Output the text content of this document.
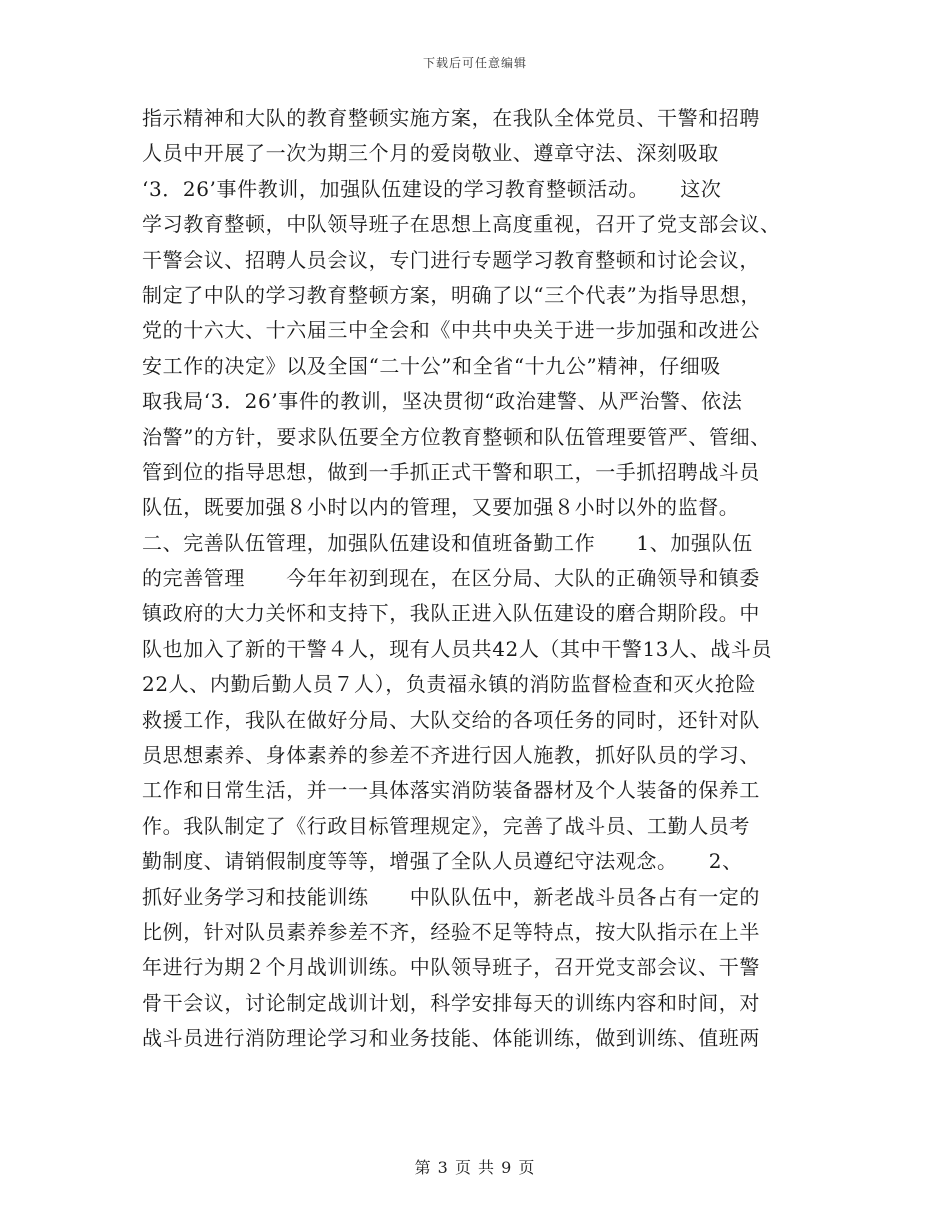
下载后可任意编辑
指示精神和大队的教育整顿实施方案，在我队全体党员、干警和招聘
人员中开展了一次为期三个月的爱岗敬业、遵章守法、深刻吸取
‘3．26’事件教训，加强队伍建设的学习教育整顿活动。　　这次
学习教育整顿，中队领导班子在思想上高度重视，召开了党支部会议、
干警会议、招聘人员会议，专门进行专题学习教育整顿和讨论会议，
制定了中队的学习教育整顿方案，明确了以“三个代表”为指导思想，
党的十六大、十六届三中全会和《中共中央关于进一步加强和改进公
安工作的决定》以及全国“二十公”和全省“十九公”精神，仔细吸
取我局‘3．26’事件的教训，坚决贯彻“政治建警、从严治警、依法
治警”的方针，要求队伍要全方位教育整顿和队伍管理要管严、管细、
管到位的指导思想，做到一手抓正式干警和职工，一手抓招聘战斗员
队伍，既要加强８小时以内的管理，又要加强８小时以外的监督。
二、完善队伍管理，加强队伍建设和值班备勤工作　　1、加强队伍
的完善管理　　今年年初到现在，在区分局、大队的正确领导和镇委
镇政府的大力关怀和支持下，我队正进入队伍建设的磨合期阶段。中
队也加入了新的干警４人，现有人员共42人（其中干警13人、战斗员
22人、内勤后勤人员７人），负责福永镇的消防监督检查和灭火抢险
救援工作，我队在做好分局、大队交给的各项任务的同时，还针对队
员思想素养、身体素养的参差不齐进行因人施教，抓好队员的学习、
工作和日常生活，并一一具体落实消防装备器材及个人装备的保养工
作。我队制定了《行政目标管理规定》，完善了战斗员、工勤人员考
勤制度、请销假制度等等，增强了全队人员遵纪守法观念。　　2、
抓好业务学习和技能训练　　中队队伍中，新老战斗员各占有一定的
比例，针对队员素养参差不齐，经验不足等特点，按大队指示在上半
年进行为期２个月战训训练。中队领导班子，召开党支部会议、干警
骨干会议，讨论制定战训计划，科学安排每天的训练内容和时间，对
战斗员进行消防理论学习和业务技能、体能训练，做到训练、值班两
第 3 页 共 9 页
